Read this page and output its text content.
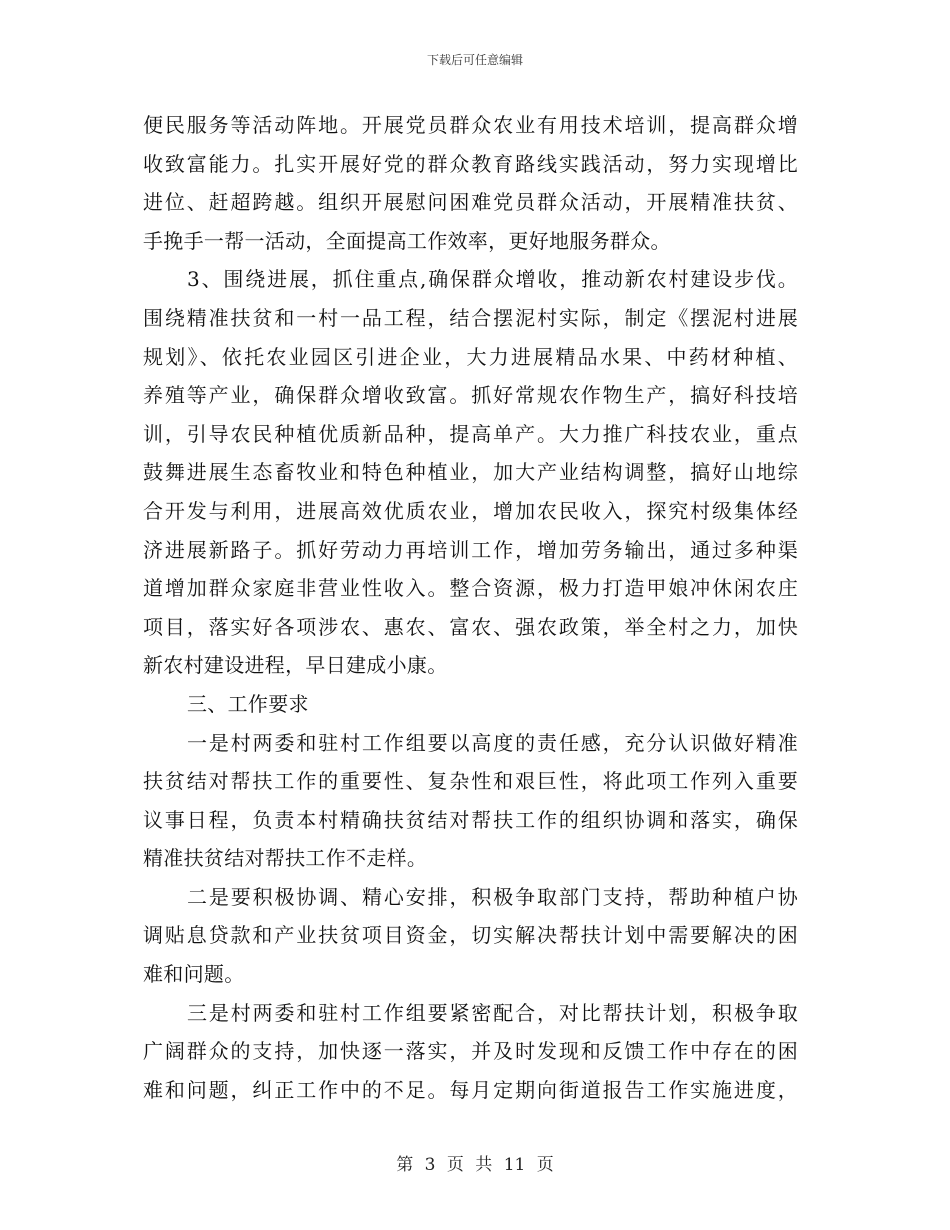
下载后可任意编辑
便民服务等活动阵地。开展党员群众农业有用技术培训，提高群众增
收致富能力。扎实开展好党的群众教育路线实践活动，努力实现增比
进位、赶超跨越。组织开展慰问困难党员群众活动，开展精准扶贫、
手挽手一帮一活动，全面提高工作效率，更好地服务群众。
3、围绕进展，抓住重点,确保群众增收，推动新农村建设步伐。
围绕精准扶贫和一村一品工程，结合摆泥村实际，制定《摆泥村进展
规划》、依托农业园区引进企业，大力进展精品水果、中药材种植、
养殖等产业，确保群众增收致富。抓好常规农作物生产，搞好科技培
训，引导农民种植优质新品种，提高单产。大力推广科技农业，重点
鼓舞进展生态畜牧业和特色种植业，加大产业结构调整，搞好山地综
合开发与利用，进展高效优质农业，增加农民收入，探究村级集体经
济进展新路子。抓好劳动力再培训工作，增加劳务输出，通过多种渠
道增加群众家庭非营业性收入。整合资源，极力打造甲娘冲休闲农庄
项目，落实好各项涉农、惠农、富农、强农政策，举全村之力，加快
新农村建设进程，早日建成小康。
三、工作要求
一是村两委和驻村工作组要以高度的责任感，充分认识做好精准
扶贫结对帮扶工作的重要性、复杂性和艰巨性，将此项工作列入重要
议事日程，负责本村精确扶贫结对帮扶工作的组织协调和落实，确保
精准扶贫结对帮扶工作不走样。
二是要积极协调、精心安排，积极争取部门支持，帮助种植户协
调贴息贷款和产业扶贫项目资金，切实解决帮扶计划中需要解决的困
难和问题。
三是村两委和驻村工作组要紧密配合，对比帮扶计划，积极争取
广阔群众的支持，加快逐一落实，并及时发现和反馈工作中存在的困
难和问题，纠正工作中的不足。每月定期向街道报告工作实施进度，
第 3 页 共 11 页
